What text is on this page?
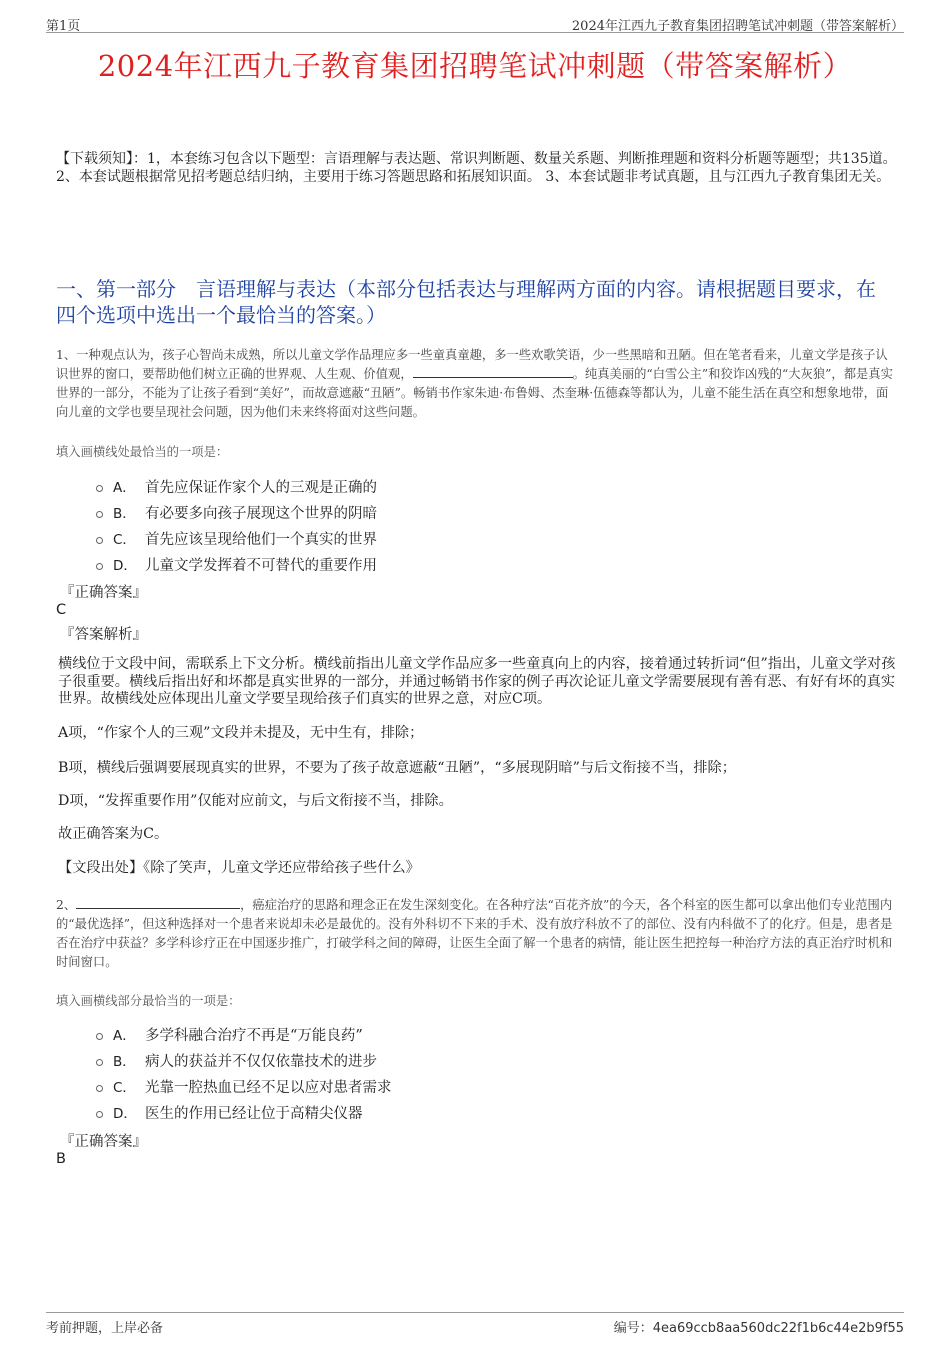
第1页	2024年江西九子教育集团招聘笔试冲刺题（带答案解析）
2024年江西九子教育集团招聘笔试冲刺题（带答案解析）
【下载须知】：1，本套练习包含以下题型：言语理解与表达题、常识判断题、数量关系题、判断推理题和资料分析题等题型；共135道。 2、本套试题根据常见招考题总结归纳，主要用于练习答题思路和拓展知识面。 3、本套试题非考试真题，且与江西九子教育集团无关。
一、第一部分　言语理解与表达（本部分包括表达与理解两方面的内容。请根据题目要求，在四个选项中选出一个最恰当的答案。）
1、一种观点认为，孩子心智尚未成熟，所以儿童文学作品理应多一些童真童趣，多一些欢歌笑语，少一些黑暗和丑陋。但在笔者看来，儿童文学是孩子认识世界的窗口，要帮助他们树立正确的世界观、人生观、价值观，	。纯真美丽的“白雪公主”和狡诈凶残的“大灰狼”，都是真实世界的一部分，不能为了让孩子看到“美好”，而故意遮蔽“丑陋”。畅销书作家朱迪·布鲁姆、杰奎琳·伍德森等都认为，儿童不能生活在真空和想象地带，面向儿童的文学也要呈现社会问题，因为他们未来终将面对这些问题。
填入画横线处最恰当的一项是：
A． 首先应保证作家个人的三观是正确的
B． 有必要多向孩子展现这个世界的阴暗
C． 首先应该呈现给他们一个真实的世界
D． 儿童文学发挥着不可替代的重要作用
『正确答案』
C
『答案解析』
横线位于文段中间，需联系上下文分析。横线前指出儿童文学作品应多一些童真向上的内容，接着通过转折词“但”指出，儿童文学对孩子很重要。横线后指出好和坏都是真实世界的一部分，并通过畅销书作家的例子再次论证儿童文学需要展现有善有恶、有好有坏的真实世界。故横线处应体现出儿童文学要呈现给孩子们真实的世界之意，对应C项。
A项，“作家个人的三观”文段并未提及，无中生有，排除；
B项，横线后强调要展现真实的世界，不要为了孩子故意遮蔽“丑陋”，“多展现阴暗”与后文衔接不当，排除；
D项，“发挥重要作用”仅能对应前文，与后文衔接不当，排除。
故正确答案为C。
【文段出处】《除了笑声，儿童文学还应带给孩子些什么》
2、	，癌症治疗的思路和理念正在发生深刻变化。在各种疗法“百花齐放”的今天，各个科室的医生都可以拿出他们专业范围内的“最优选择”，但这种选择对一个患者来说却未必是最优的。没有外科切不下来的手术、没有放疗科放不了的部位、没有内科做不了的化疗。但是，患者是否在治疗中获益？多学科诊疗正在中国逐步推广，打破学科之间的障碍，让医生全面了解一个患者的病情，能让医生把控每一种治疗方法的真正治疗时机和时间窗口。
填入画横线部分最恰当的一项是：
A． 多学科融合治疗不再是“万能良药”
B． 病人的获益并不仅仅依靠技术的进步
C． 光靠一腔热血已经不足以应对患者需求
D． 医生的作用已经让位于高精尖仪器
『正确答案』
B
考前押题，上岸必备	编号：4ea69ccb8aa560dc22f1b6c44e2b9f55
